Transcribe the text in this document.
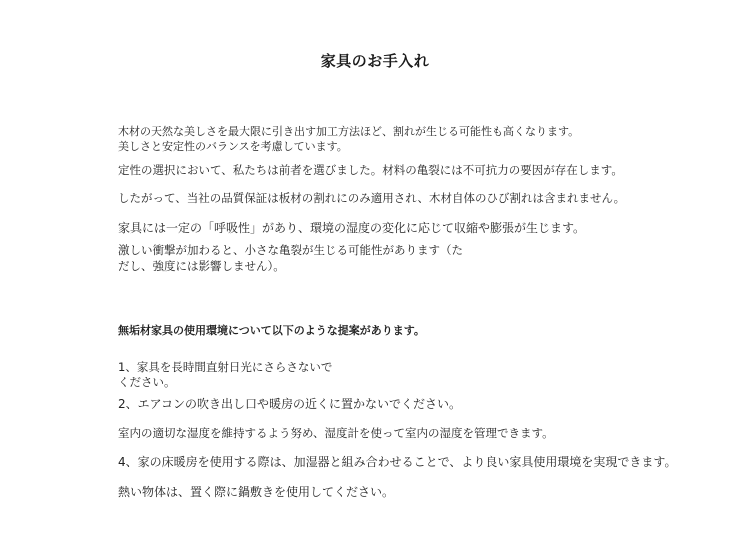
家具のお手入れ
木材の天然な美しさを最大限に引き出す加工方法ほど、割れが生じる可能性も高くなります。
美しさと安定性のバランスを考慮しています。
定性の選択において、私たちは前者を選びました。材料の亀裂には不可抗力の要因が存在します。
したがって、当社の品質保証は板材の割れにのみ適用され、木材自体のひび割れは含まれません。
家具には一定の「呼吸性」があり、環境の湿度の変化に応じて収縮や膨張が生じます。
激しい衝撃が加わると、小さな亀裂が生じる可能性があります（た
だし、強度には影響しません）。
無垢材家具の使用環境について以下のような提案があります。
1、家具を長時間直射日光にさらさないで
ください。
2、エアコンの吹き出し口や暖房の近くに置かないでください。
室内の適切な湿度を維持するよう努め、湿度計を使って室内の湿度を管理できます。
4、家の床暖房を使用する際は、加湿器と組み合わせることで、より良い家具使用環境を実現できます。
熱い物体は、置く際に鍋敷きを使用してください。
